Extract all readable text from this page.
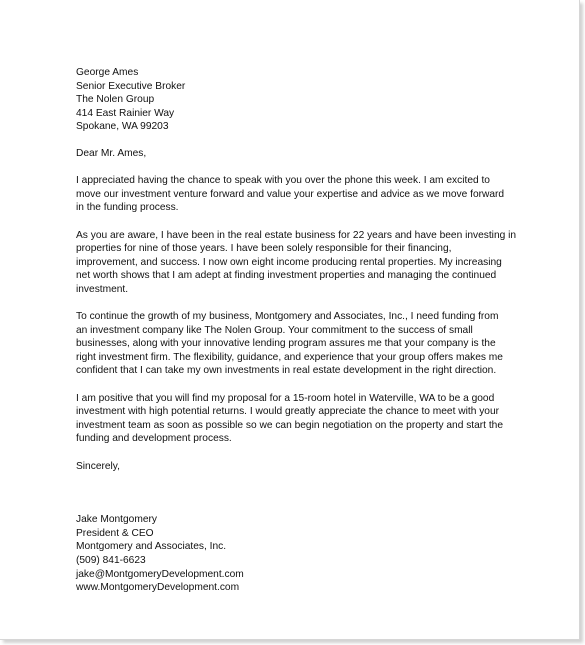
George Ames
Senior Executive Broker
The Nolen Group
414 East Rainier Way
Spokane, WA 99203
Dear Mr. Ames,
I appreciated having the chance to speak with you over the phone this week. I am excited to
move our investment venture forward and value your expertise and advice as we move forward
in the funding process.
As you are aware, I have been in the real estate business for 22 years and have been investing in
properties for nine of those years. I have been solely responsible for their financing,
improvement, and success. I now own eight income producing rental properties. My increasing
net worth shows that I am adept at finding investment properties and managing the continued
investment.
To continue the growth of my business, Montgomery and Associates, Inc., I need funding from
an investment company like The Nolen Group. Your commitment to the success of small
businesses, along with your innovative lending program assures me that your company is the
right investment firm. The flexibility, guidance, and experience that your group offers makes me
confident that I can take my own investments in real estate development in the right direction.
I am positive that you will find my proposal for a 15-room hotel in Waterville, WA to be a good
investment with high potential returns. I would greatly appreciate the chance to meet with your
investment team as soon as possible so we can begin negotiation on the property and start the
funding and development process.
Sincerely,
Jake Montgomery
President & CEO
Montgomery and Associates, Inc.
(509) 841-6623
jake@MontgomeryDevelopment.com
www.MontgomeryDevelopment.com
